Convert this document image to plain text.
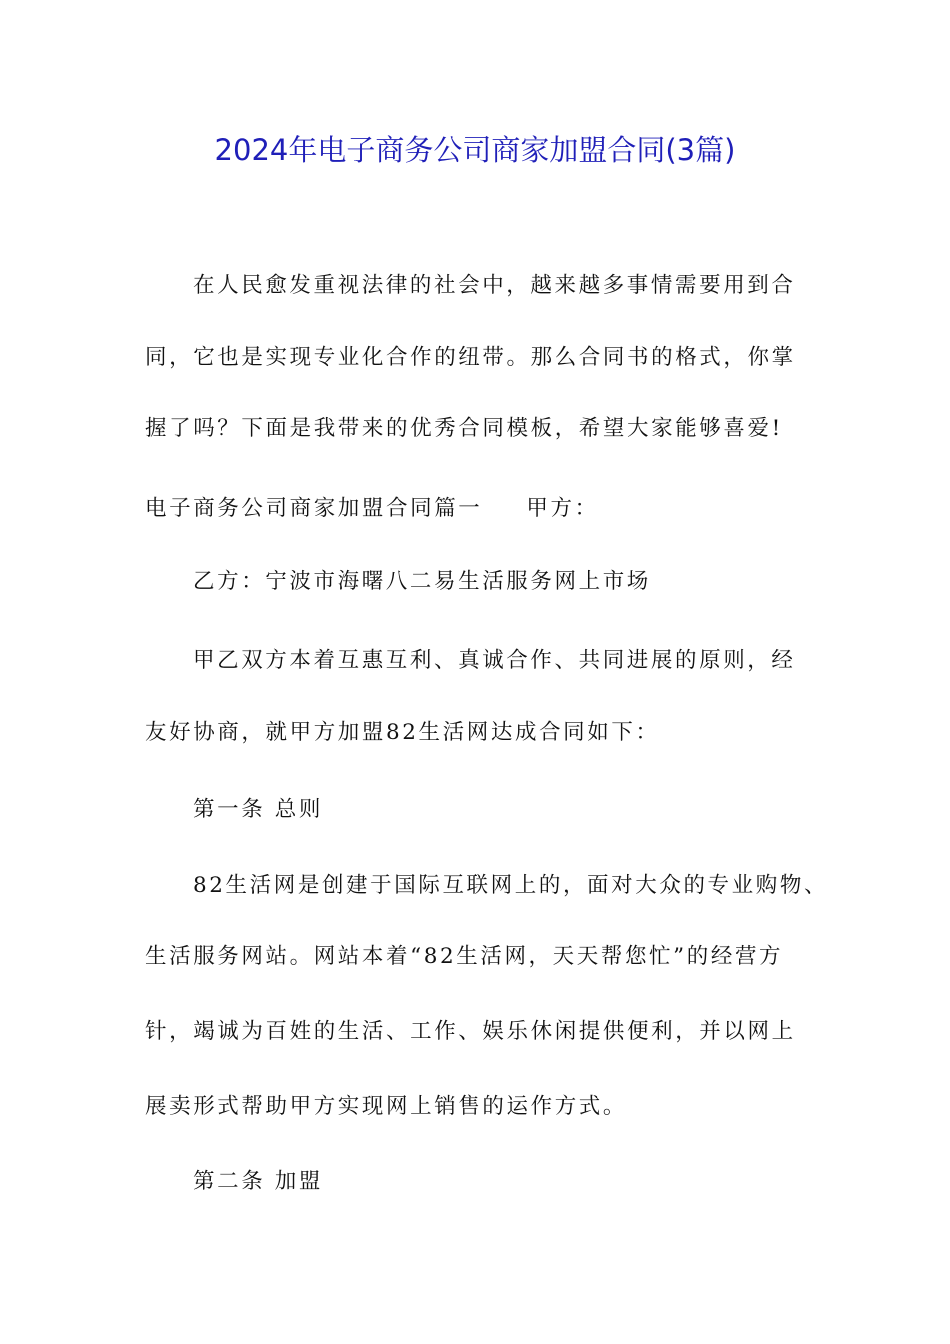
2024年电子商务公司商家加盟合同(3篇)
在人民愈发重视法律的社会中，越来越多事情需要用到合
同，它也是实现专业化合作的纽带。那么合同书的格式，你掌
握了吗？下面是我带来的优秀合同模板，希望大家能够喜爱!
电子商务公司商家加盟合同篇一 甲方：
乙方：宁波市海曙八二易生活服务网上市场
甲乙双方本着互惠互利、真诚合作、共同进展的原则，经
友好协商，就甲方加盟82生活网达成合同如下：
第一条 总则
82生活网是创建于国际互联网上的，面对大众的专业购物、
生活服务网站。网站本着“82生活网，天天帮您忙”的经营方
针，竭诚为百姓的生活、工作、娱乐休闲提供便利，并以网上
展卖形式帮助甲方实现网上销售的运作方式。
第二条 加盟
